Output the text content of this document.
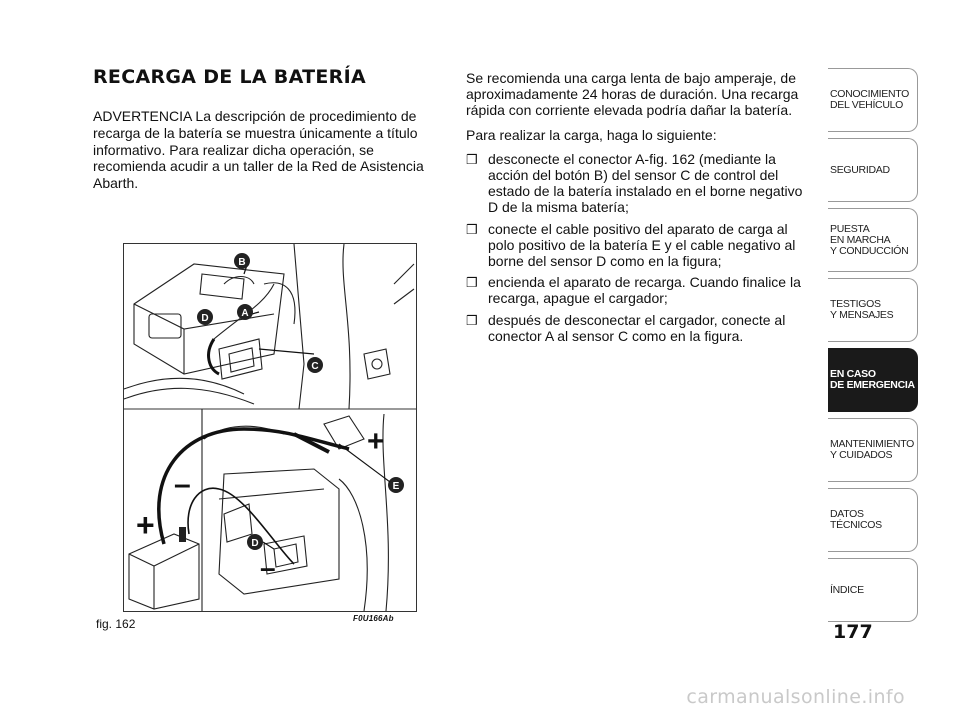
RECARGA DE LA BATERÍA

ADVERTENCIA La descripción de procedimiento de recarga de la batería se muestra únicamente a título informativo. Para realizar dicha operación, se recomienda acudir a un taller de la Red de Asistencia Abarth.

B
A
D
C
–
+
+
–
E
D
fig. 162	F0U166Ab

Se recomienda una carga lenta de bajo amperaje, de aproximadamente 24 horas de duración. Una recarga rápida con corriente elevada podría dañar la batería.

Para realizar la carga, haga lo siguiente:

❒ desconecte el conector A-fig. 162 (mediante la acción del botón B) del sensor C de control del estado de la batería instalado en el borne negativo D de la misma batería;
❒ conecte el cable positivo del aparato de carga al polo positivo de la batería E y el cable negativo al borne del sensor D como en la figura;
❒ encienda el aparato de recarga. Cuando finalice la recarga, apague el cargador;
❒ después de desconectar el cargador, conecte al conector A al sensor C como en la figura.
CONOCIMIENTO
DEL VEHÍCULO
SEGURIDAD
PUESTA
EN MARCHA
Y CONDUCCIÓN
TESTIGOS
Y MENSAJES
EN CASO
DE EMERGENCIA
MANTENIMIENTO
Y CUIDADOS
DATOS TÉCNICOS
ÍNDICE
177
carmanualsonline.info
